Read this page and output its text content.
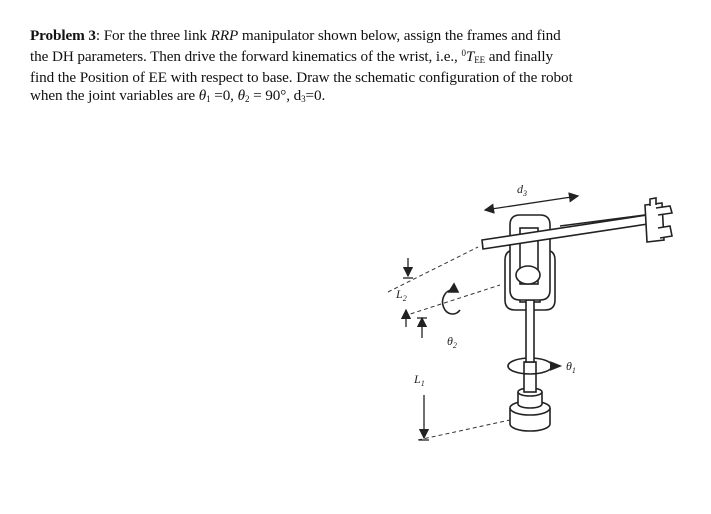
Problem 3: For the three link RRP manipulator shown below, assign the frames and find
the DH parameters. Then drive the forward kinematics of the wrist, i.e., $^0T_{EE}$ and finally
find the Position of EE with respect to base. Draw the schematic configuration of the robot
when the joint variables are $\theta_1 =0$, $\theta_2 = 90^\circ$, $d_3=0$.
$d_3$
$\theta_2$
$\theta_1$
$L_2$
$L_1$
